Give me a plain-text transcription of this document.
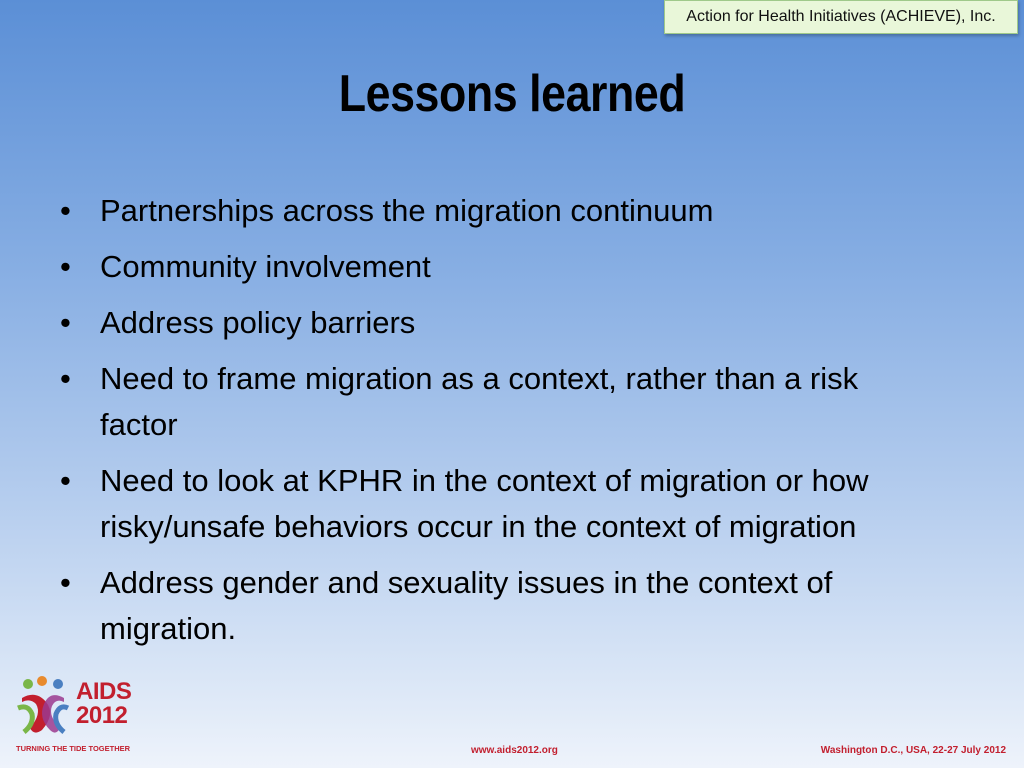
Action for Health Initiatives (ACHIEVE), Inc.
Lessons learned
• Partnerships across the migration continuum
• Community involvement
• Address policy barriers
• Need to frame migration as a context, rather than a risk factor
• Need to look at KPHR in the context of migration or how risky/unsafe behaviors occur in the context of migration
• Address gender and sexuality issues in the context of migration.
AIDS
2012
TURNING THE TIDE TOGETHER	www.aids2012.org	Washington D.C., USA, 22-27 July 2012
